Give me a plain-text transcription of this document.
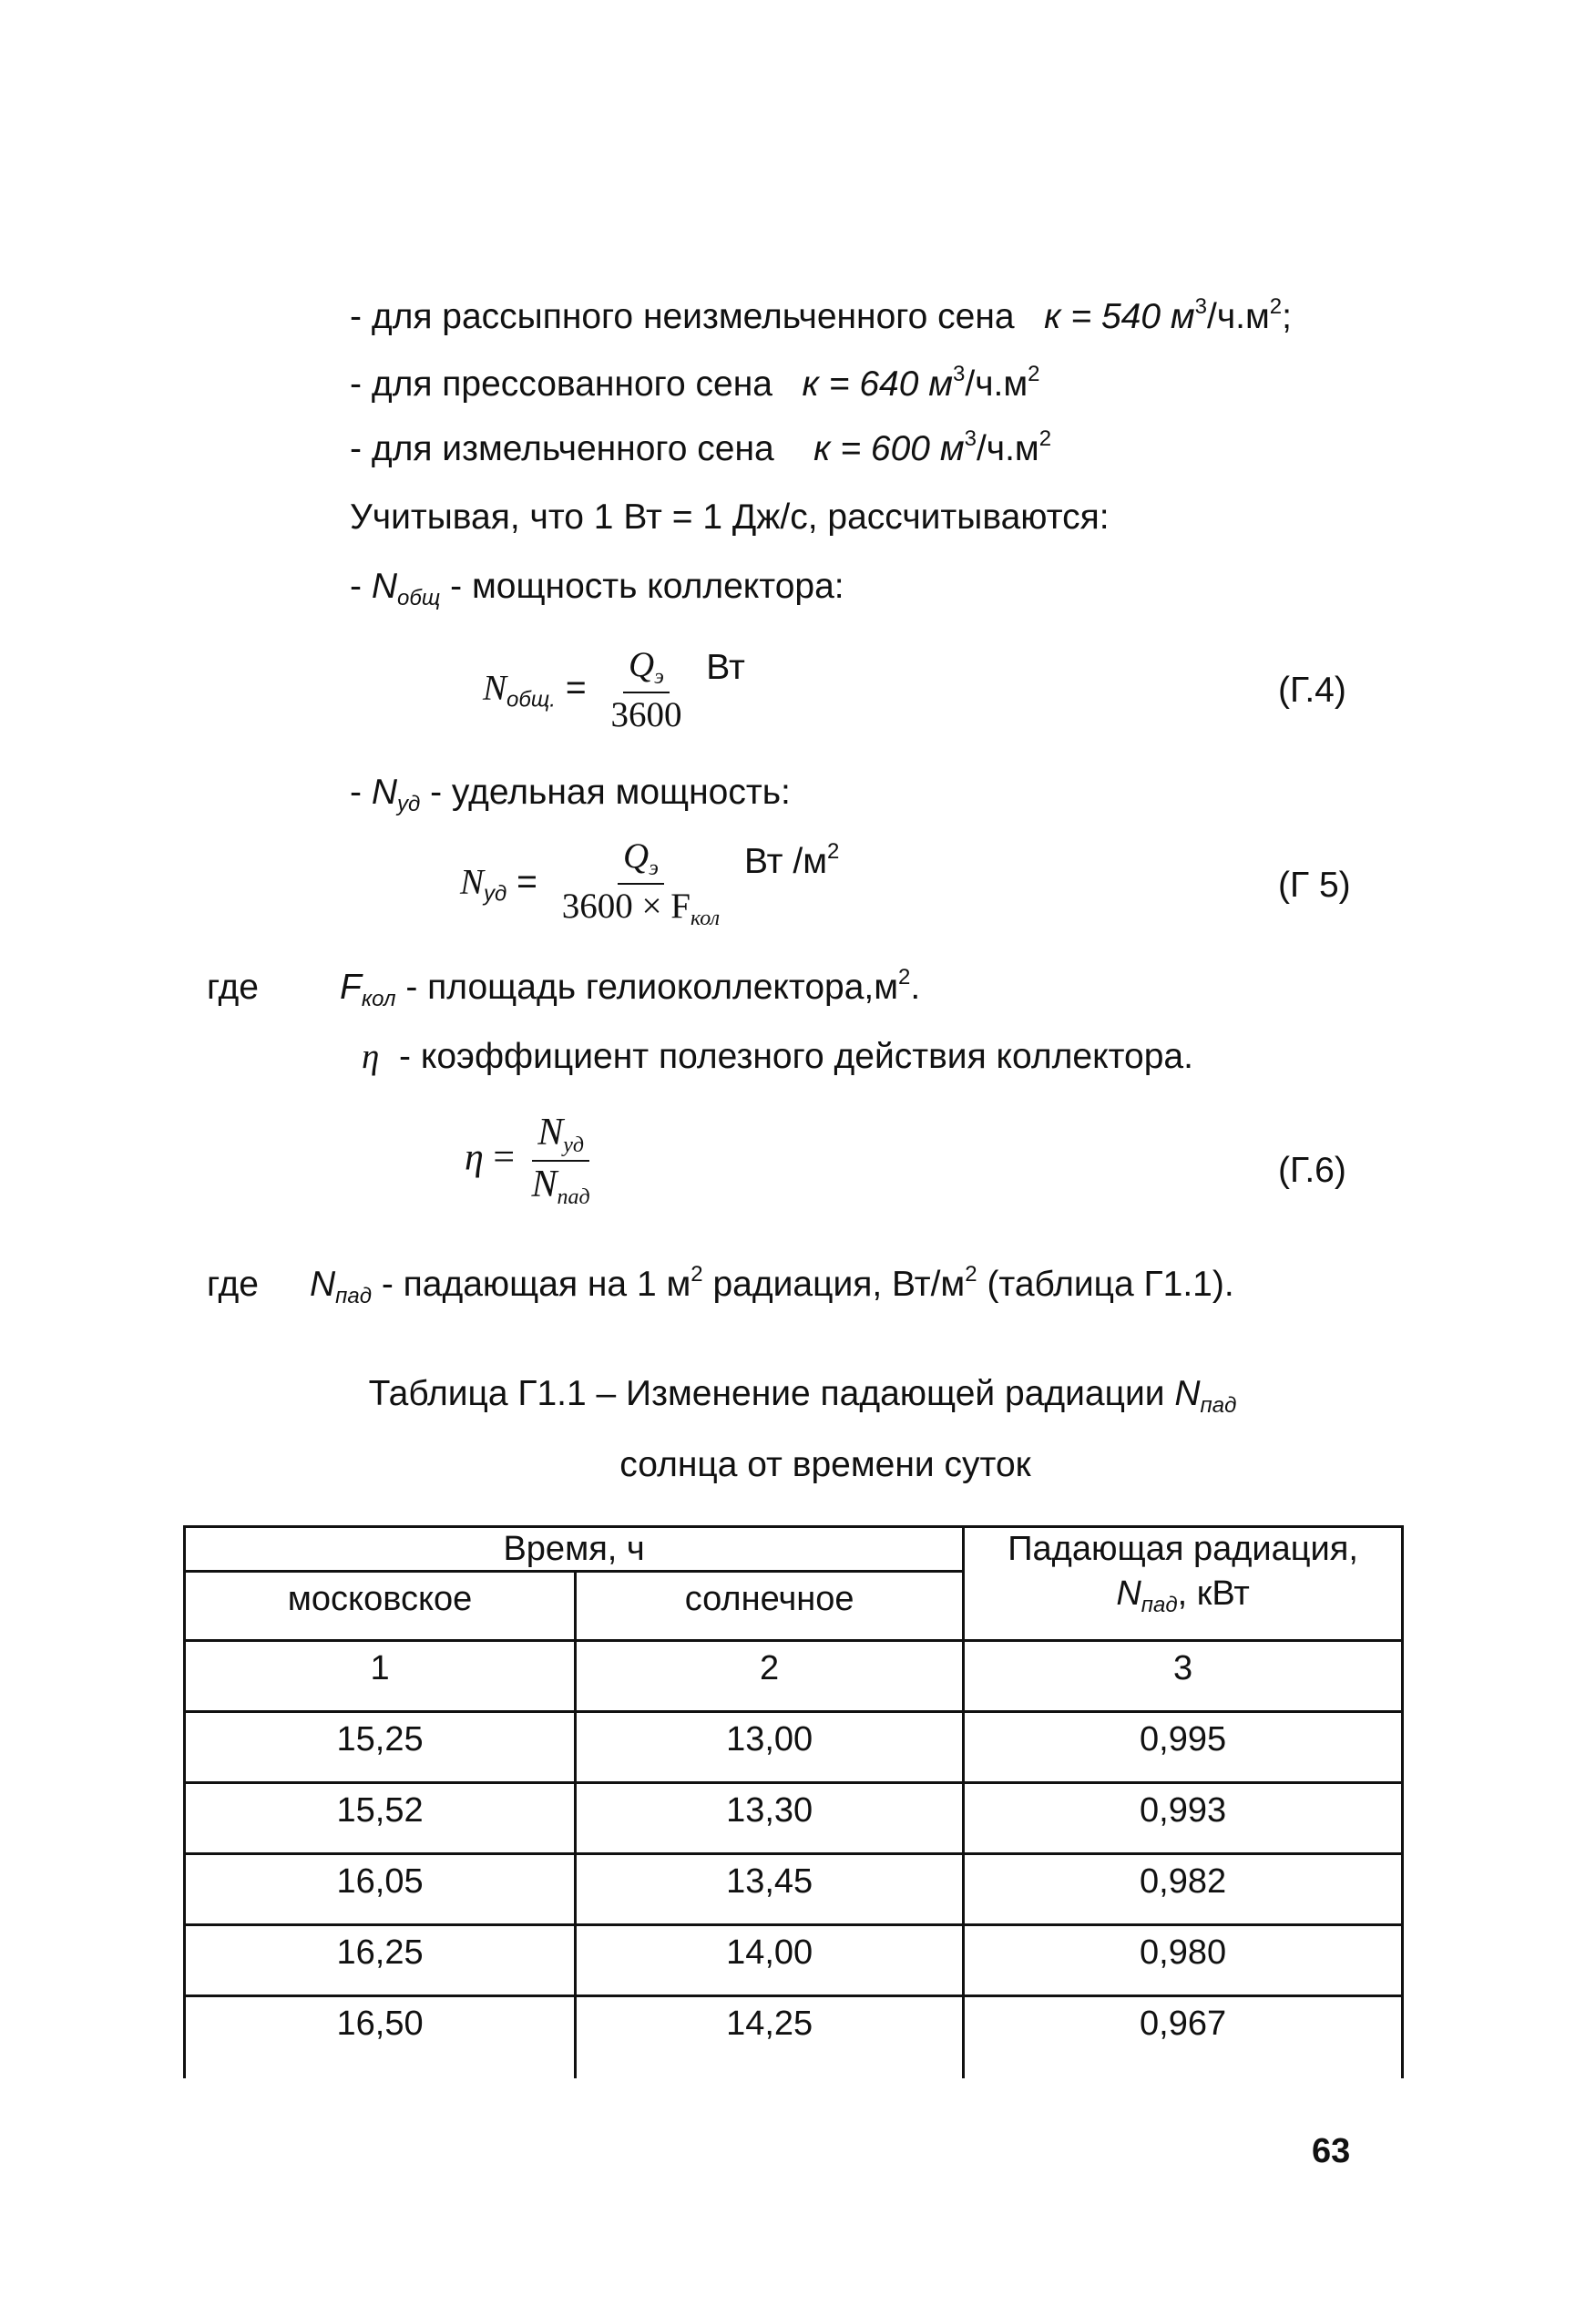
- для рассыпного неизмельченного сена к = 540 $м^3/ч.м^2$;
- для прессованного сена к = 640 $м^3/ч.м^2$
- для измельченного сена к = 600 $м^3/ч.м^2$
Учитывая, что 1 Вт = 1 Дж/с, рассчитываются:
- $N_{общ}$ - мощность коллектора:
$N_{общ.} = \frac{Q_э}{3600}$ Вт
(Г.4)
- $N_{уд}$ - удельная мощность:
$N_{уд} = \frac{Q_э}{3600 \times F_{кол}}$ Вт $/м^2$
(Г 5)
где $F_{кол}$ - площадь $гелиоколлектора,м^2$.
η  - коэффициент полезного действия коллектора.
$\eta = \frac{N_{уд}}{N_{пад}}$	(Г.6)
где $N_{пад}$ - падающая на 1 $м^2$ радиация, $Вт/м^2$ (таблица Г1.1).
Таблица Г1.1 – Изменение падающей радиации $N_{пад}$
солнца от времени суток
Время, ч		Падающая радиация,
$N_{пад}$, кВт

московское	солнечное	
1	2	3
15,25	13,00	0,995
15,52	13,30	0,993
16,05	13,45	0,982
16,25	14,00	0,980
16,50	14,25	0,967
63
